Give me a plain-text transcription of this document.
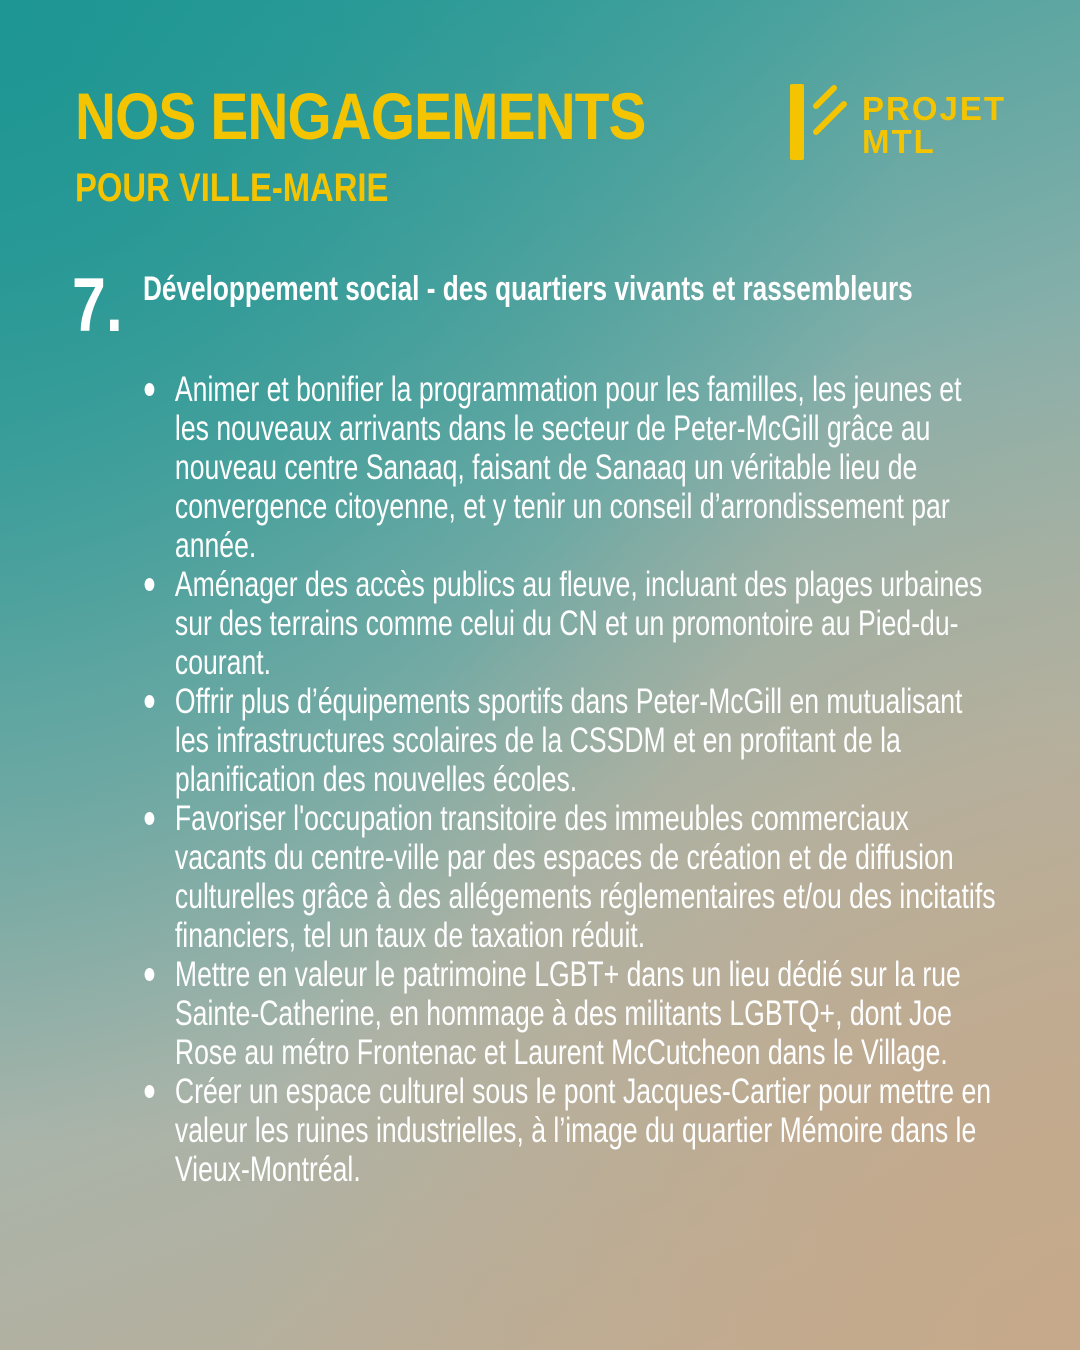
NOS ENGAGEMENTS
POUR VILLE-MARIE
PROJET
MTL
7. Développement social - des quartiers vivants et rassembleurs
Animer et bonifier la programmation pour les familles, les jeunes et les nouveaux arrivants dans le secteur de Peter-McGill grâce au nouveau centre Sanaaq, faisant de Sanaaq un véritable lieu de convergence citoyenne, et y tenir un conseil d’arrondissement par année.
Aménager des accès publics au fleuve, incluant des plages urbaines sur des terrains comme celui du CN et un promontoire au Pied-du-courant.
Offrir plus d’équipements sportifs dans Peter-McGill en mutualisant les infrastructures scolaires de la CSSDM et en profitant de la planification des nouvelles écoles.
Favoriser l'occupation transitoire des immeubles commerciaux vacants du centre-ville par des espaces de création et de diffusion culturelles grâce à des allégements réglementaires et/ou des incitatifs financiers, tel un taux de taxation réduit.
Mettre en valeur le patrimoine LGBT+ dans un lieu dédié sur la rue Sainte-Catherine, en hommage à des militants LGBTQ+, dont Joe Rose au métro Frontenac et Laurent McCutcheon dans le Village.
Créer un espace culturel sous le pont Jacques-Cartier pour mettre en valeur les ruines industrielles, à l’image du quartier Mémoire dans le Vieux-Montréal.
